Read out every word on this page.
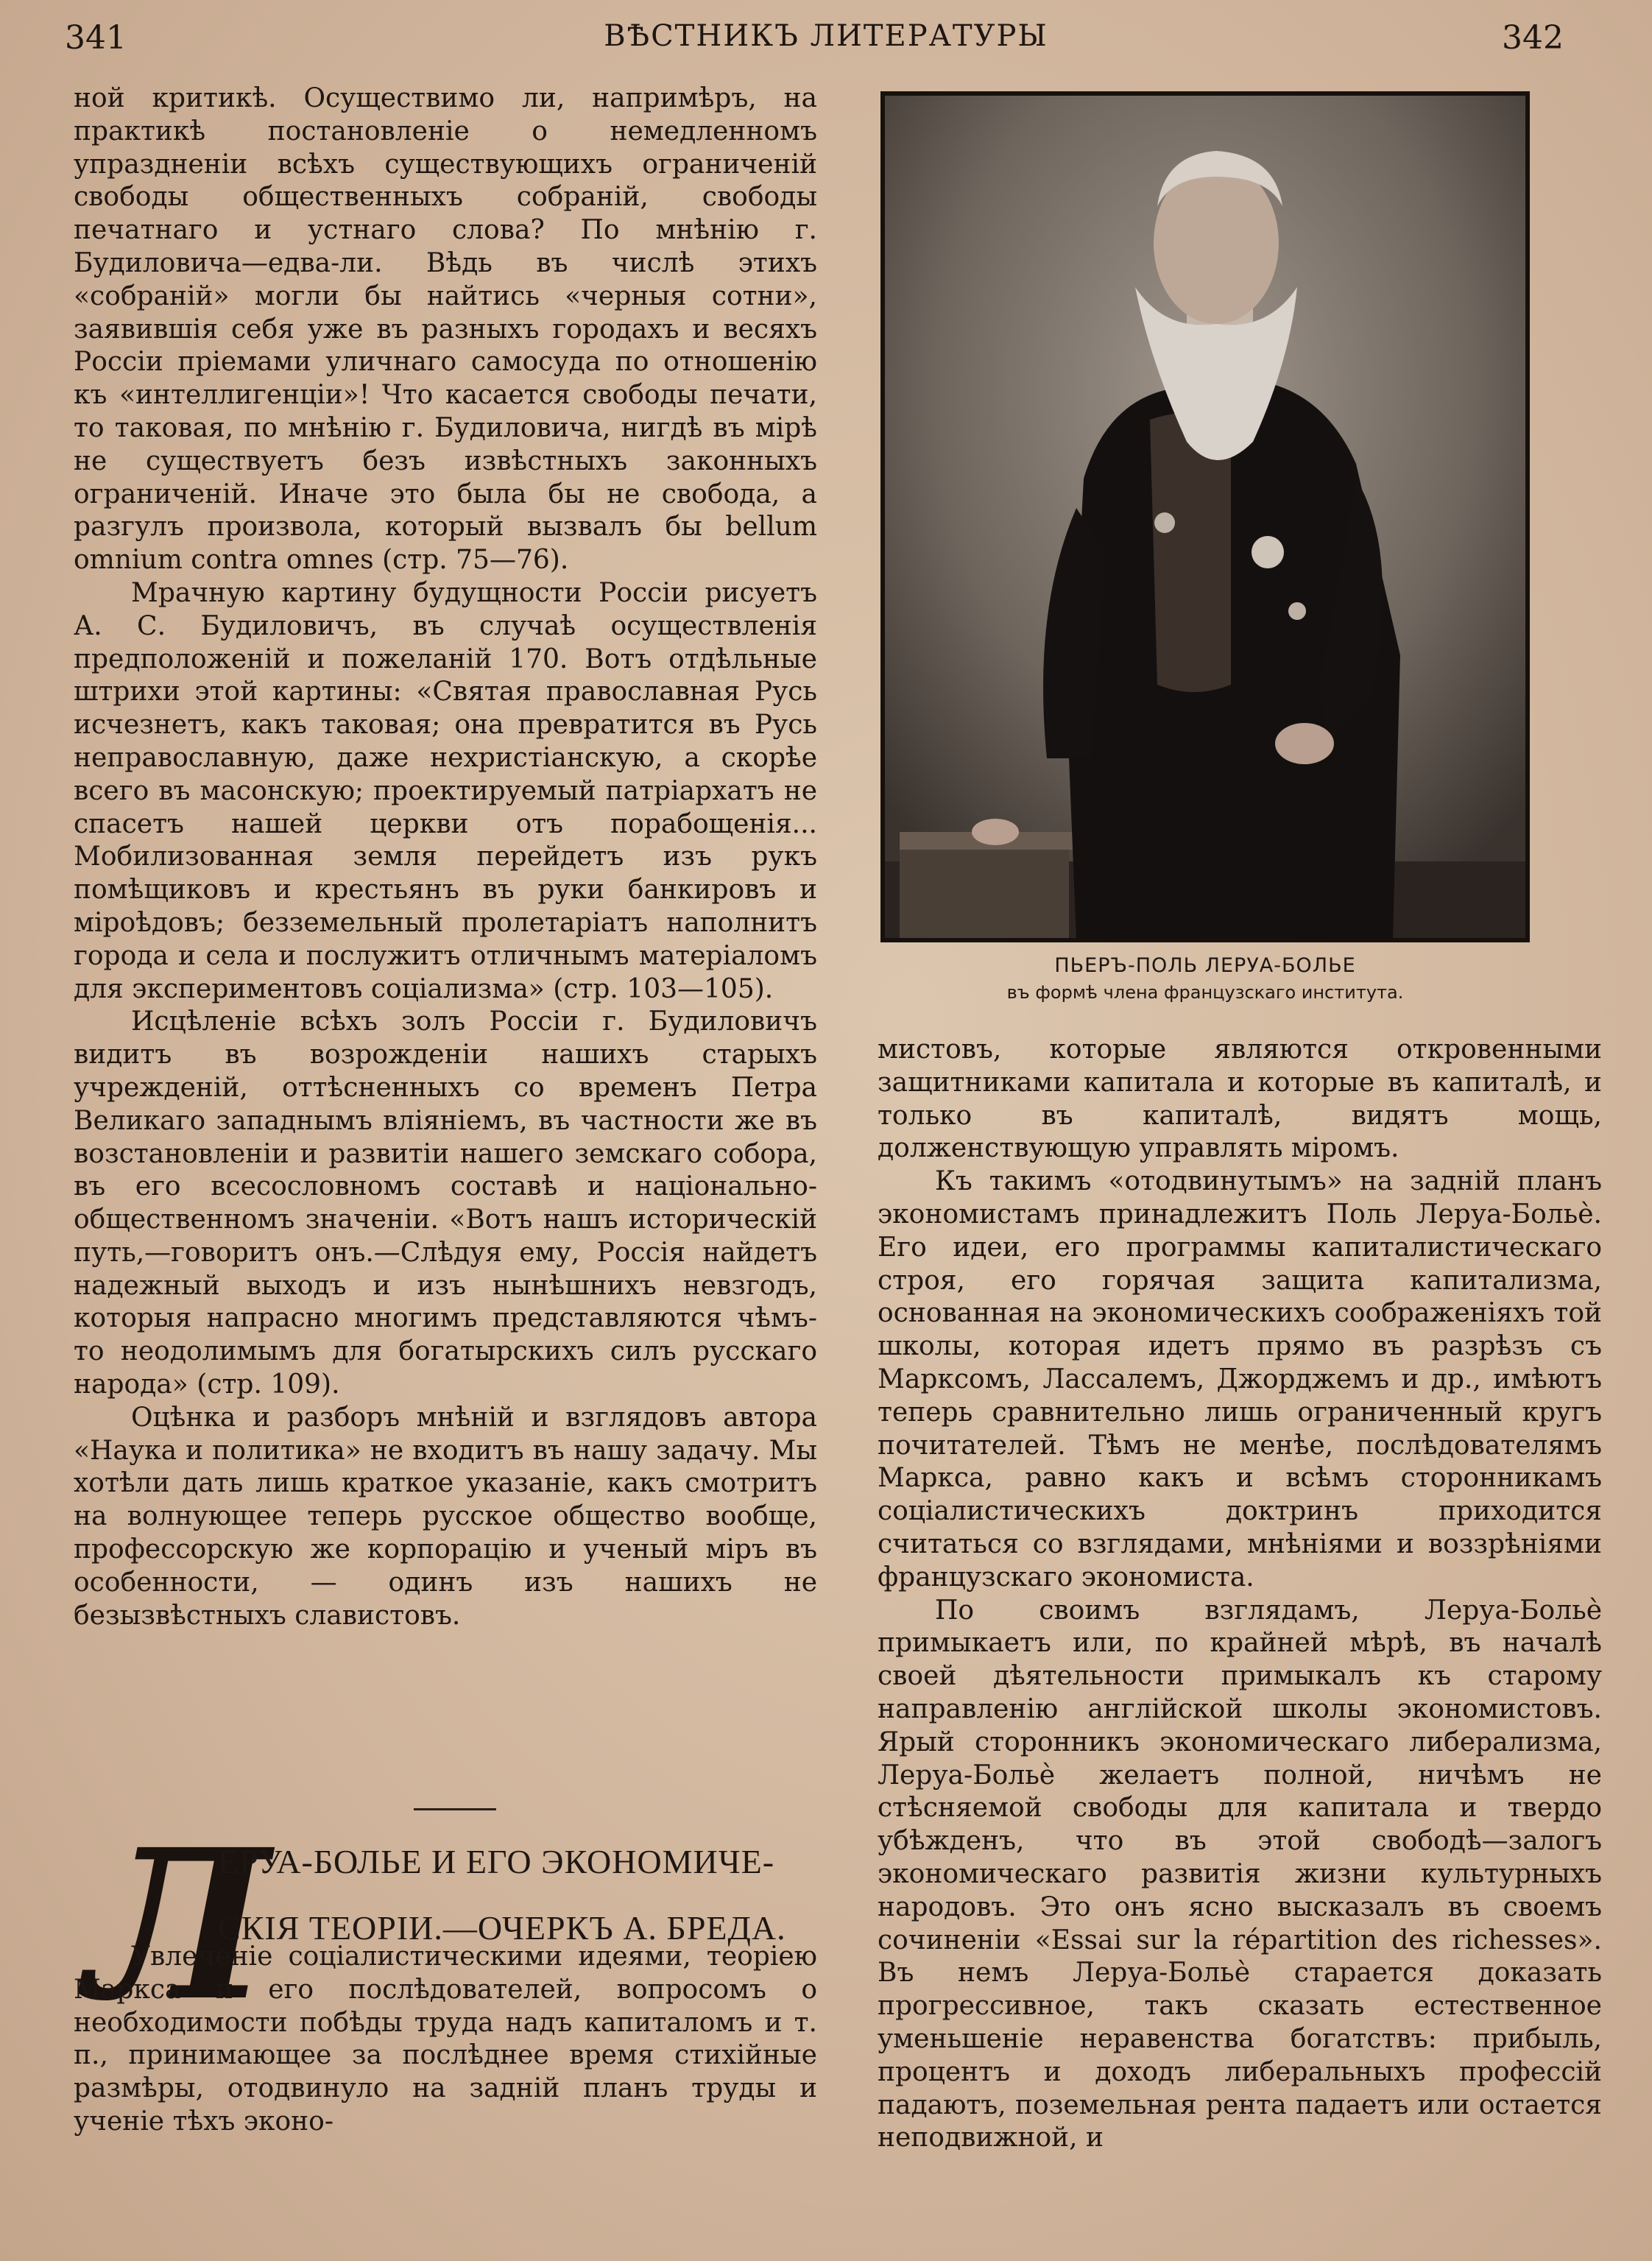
341	ВѢСТНИКЪ ЛИТЕРАТУРЫ	342

ной критикѣ. Осуществимо ли, напримѣръ, на практикѣ постановленіе о немедленномъ упраздненіи всѣхъ существующихъ ограниченій свободы общественныхъ собраній, свободы печатнаго и устнаго слова? По мнѣнію г. Будиловича—едва-ли. Вѣдь въ числѣ этихъ «собраній» могли бы найтись «черныя сотни», заявившія себя уже въ разныхъ городахъ и весяхъ Россіи пріемами уличнаго самосуда по отношенію къ «интеллигенціи»! Что касается свободы печати, то таковая, по мнѣнію г. Будиловича, нигдѣ въ мірѣ не существуетъ безъ извѣстныхъ законныхъ ограниченій. Иначе это была бы не свобода, а разгулъ произвола, который вызвалъ бы bellum omnium contra omnes (стр. 75—76).

Мрачную картину будущности Россіи рисуетъ А. С. Будиловичъ, въ случаѣ осуществленія предположеній и пожеланій 170. Вотъ отдѣльные штрихи этой картины: «Святая православная Русь исчезнетъ, какъ таковая; она превратится въ Русь неправославную, даже нехристіанскую, а скорѣе всего въ масонскую; проектируемый патріархатъ не спасетъ нашей церкви отъ порабощенія... Мобилизованная земля перейдетъ изъ рукъ помѣщиковъ и крестьянъ въ руки банкировъ и міроѣдовъ; безземельный пролетаріатъ наполнитъ города и села и послужитъ отличнымъ матеріаломъ для экспериментовъ соціализма» (стр. 103—105).

Исцѣленіе всѣхъ золъ Россіи г. Будиловичъ видитъ въ возрожденіи нашихъ старыхъ учрежденій, оттѣсненныхъ со временъ Петра Великаго западнымъ вліяніемъ, въ частности же въ возстановленіи и развитіи нашего земскаго собора, въ его всесословномъ составѣ и національно-общественномъ значеніи. «Вотъ нашъ историческій путь,—говоритъ онъ.—Слѣдуя ему, Россія найдетъ надежный выходъ и изъ нынѣшнихъ невзгодъ, которыя напрасно многимъ представляются чѣмъ-то неодолимымъ для богатырскихъ силъ русскаго народа» (стр. 109).

Оцѣнка и разборъ мнѣній и взглядовъ автора «Наука и политика» не входитъ въ нашу задачу. Мы хотѣли дать лишь краткое указаніе, какъ смотритъ на волнующее теперь русское общество вообще, профессорскую же корпорацію и ученый міръ въ особенности, — одинъ изъ нашихъ не безызвѣстныхъ славистовъ.

Л
ЕРУА-БОЛЬЕ И ЕГО ЭКОНОМИЧЕ-
СКІЯ ТЕОРІИ.—ОЧЕРКЪ А. БРЕДА.

Увлеченіе соціалистическими идеями, теоріею Маркса и его послѣдователей, вопросомъ о необходимости побѣды труда надъ капиталомъ и т. п., принимающее за послѣднее время стихійные размѣры, отодвинуло на задній планъ труды и ученіе тѣхъ эконо-

ПЬЕРЪ-ПОЛЬ ЛЕРУА-БОЛЬЕ
въ формѣ члена французскаго института.

мистовъ, которые являются откровенными защитниками капитала и которые въ капиталѣ, и только въ капиталѣ, видятъ мощь, долженствующую управлять міромъ.

Къ такимъ «отодвинутымъ» на задній планъ экономистамъ принадлежитъ Поль Леруа-Больѐ. Его идеи, его программы капиталистическаго строя, его горячая защита капитализма, основанная на экономическихъ соображеніяхъ той школы, которая идетъ прямо въ разрѣзъ съ Марксомъ, Лассалемъ, Джорджемъ и др., имѣютъ теперь сравнительно лишь ограниченный кругъ почитателей. Тѣмъ не менѣе, послѣдователямъ Маркса, равно какъ и всѣмъ сторонникамъ соціалистическихъ доктринъ приходится считаться со взглядами, мнѣніями и воззрѣніями французскаго экономиста.

По своимъ взглядамъ, Леруа-Больѐ примыкаетъ или, по крайней мѣрѣ, въ началѣ своей дѣятельности примыкалъ къ старому направленію англійской школы экономистовъ. Ярый сторонникъ экономическаго либерализма, Леруа-Больѐ желаетъ полной, ничѣмъ не стѣсняемой свободы для капитала и твердо убѣжденъ, что въ этой свободѣ—залогъ экономическаго развитія жизни культурныхъ народовъ. Это онъ ясно высказалъ въ своемъ сочиненіи «Essai sur la répartition des richesses». Въ немъ Леруа-Больѐ старается доказать прогрессивное, такъ сказать естественное уменьшеніе неравенства богатствъ: прибыль, процентъ и доходъ либеральныхъ профессій падаютъ, поземельная рента падаетъ или остается неподвижной, и
